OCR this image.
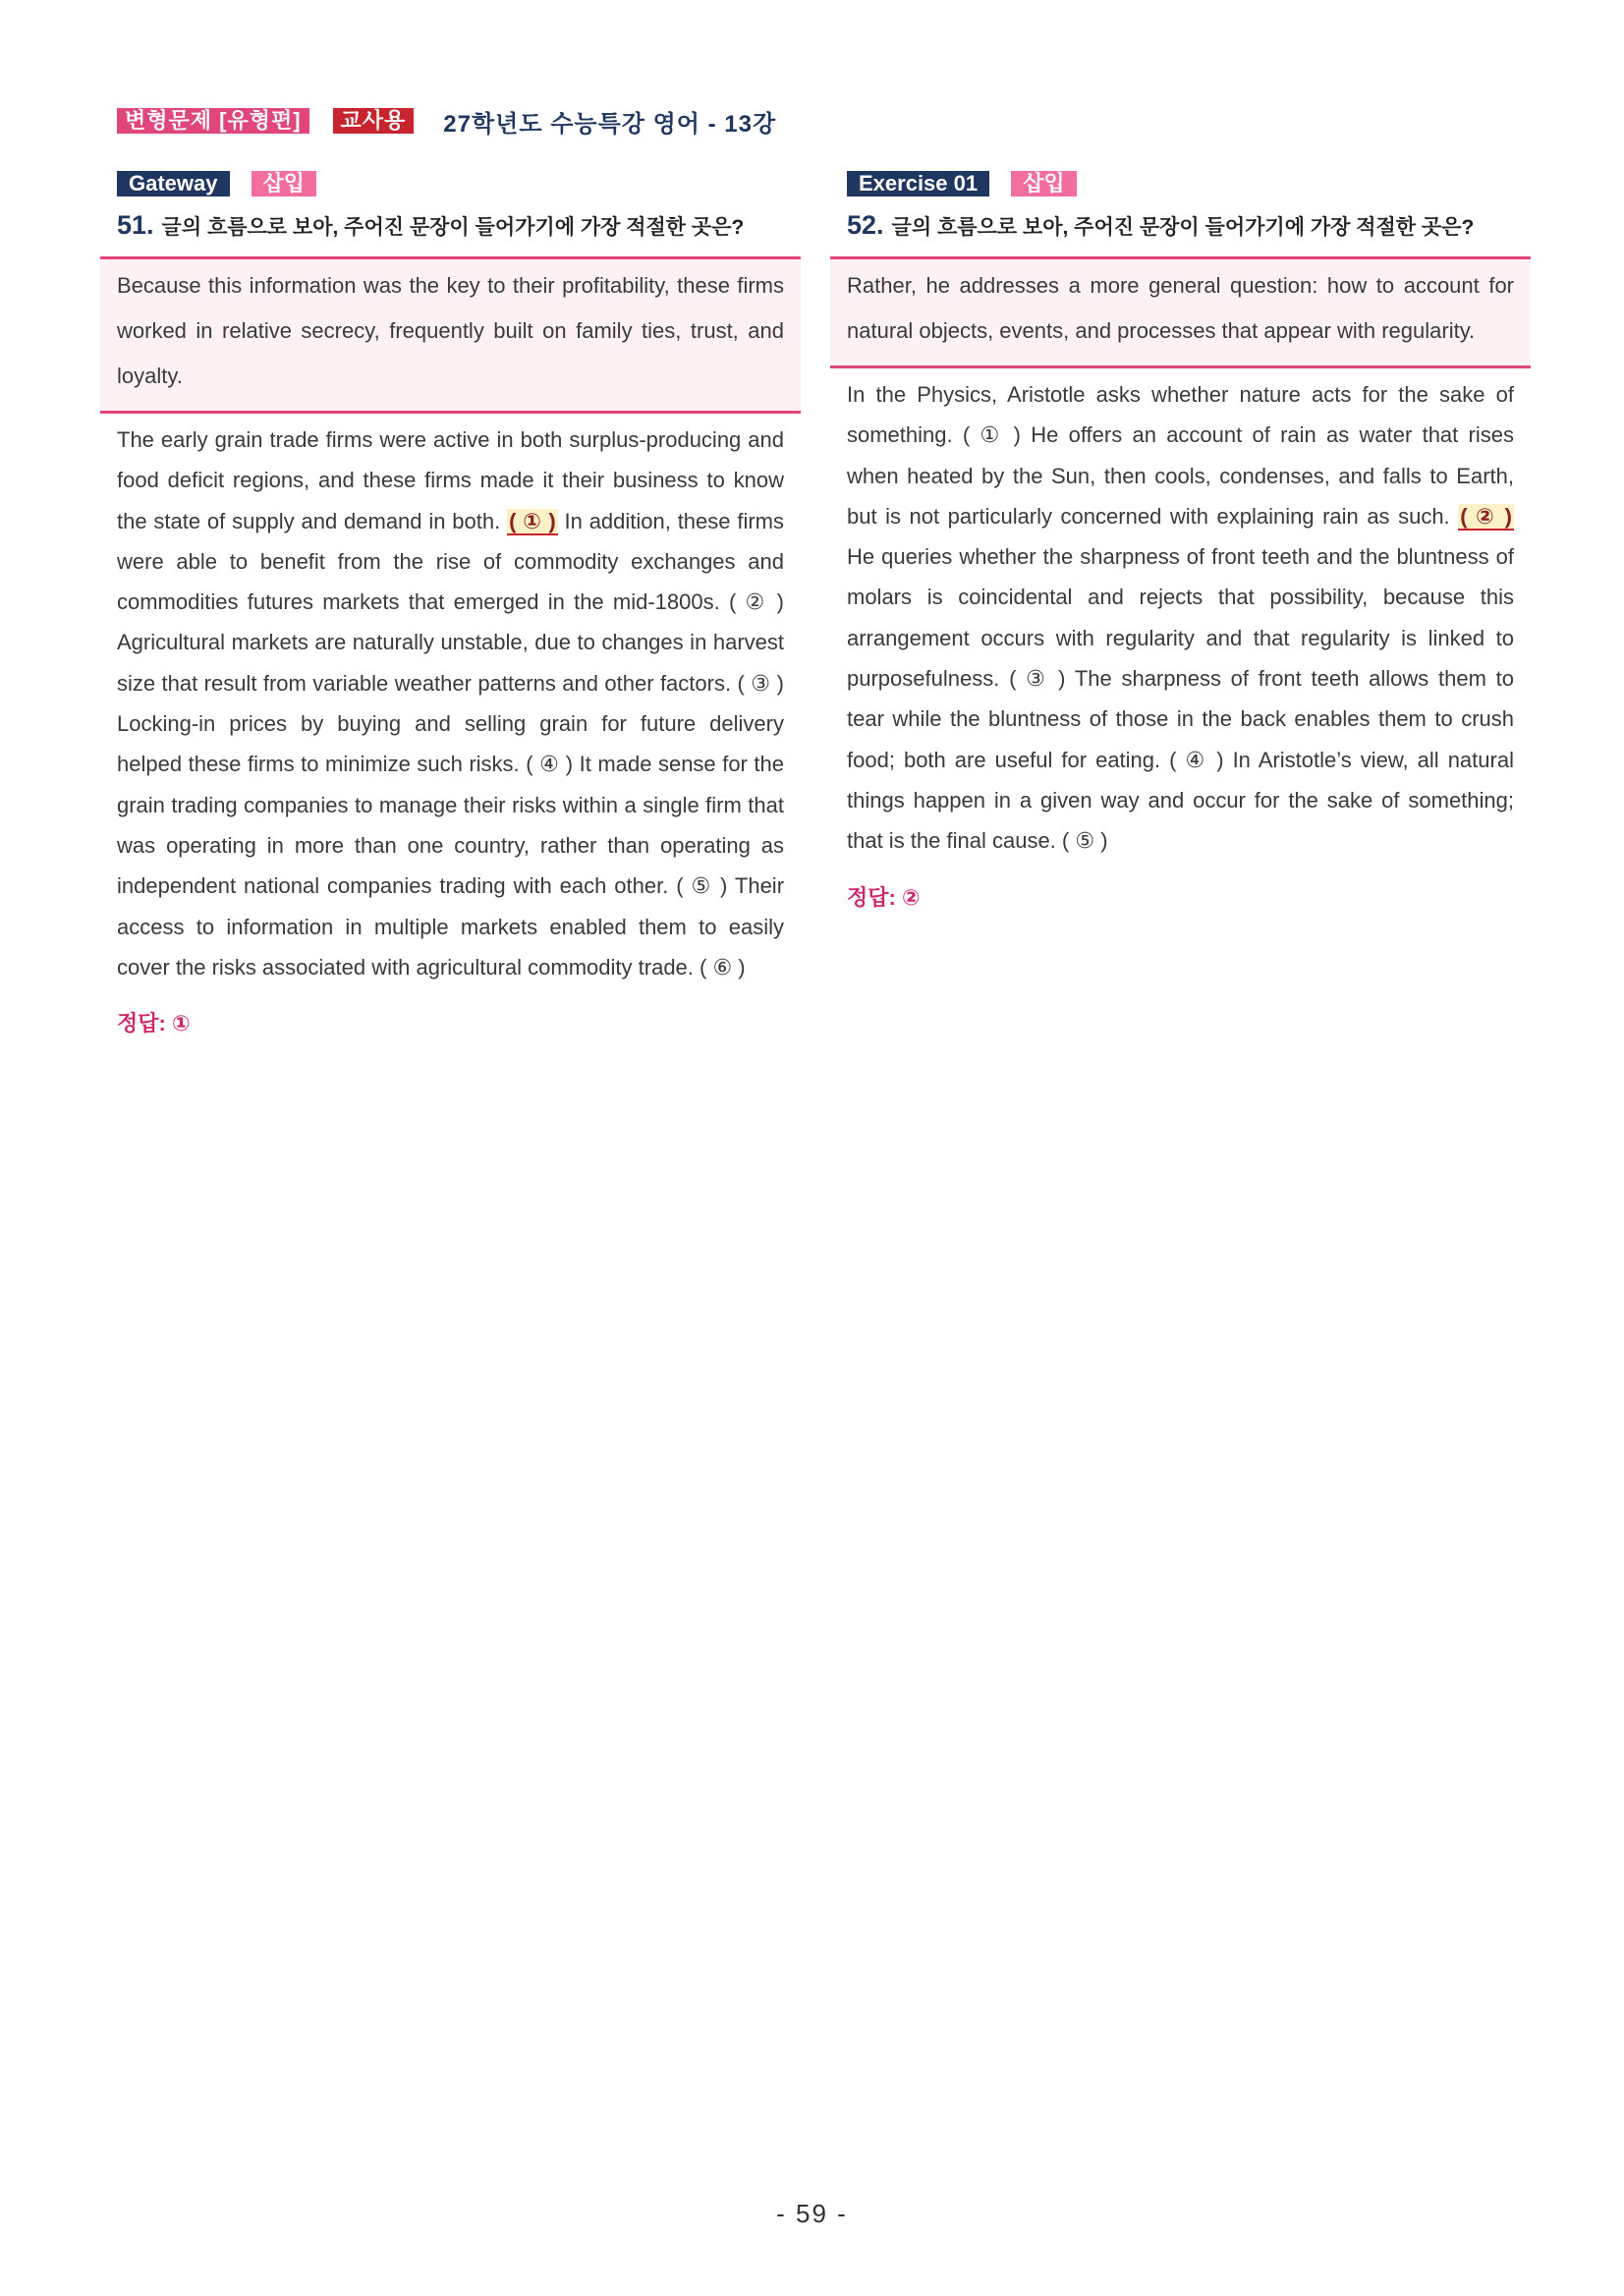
변형문제 [유형편]	교사용	27학년도 수능특강 영어 - 13강
Gateway	삽입
51. 글의 흐름으로 보아, 주어진 문장이 들어가기에 가장 적절한 곳은?
Because this information was the key to their profitability, these firms worked in relative secrecy, frequently built on family ties, trust, and loyalty.
The early grain trade firms were active in both surplus-producing and food deficit regions, and these firms made it their business to know the state of supply and demand in both. ( ① ) In addition, these firms were able to benefit from the rise of commodity exchanges and commodities futures markets that emerged in the mid-1800s. ( ② ) Agricultural markets are naturally unstable, due to changes in harvest size that result from variable weather patterns and other factors. ( ③ ) Locking-in prices by buying and selling grain for future delivery helped these firms to minimize such risks. ( ④ ) It made sense for the grain trading companies to manage their risks within a single firm that was operating in more than one country, rather than operating as independent national companies trading with each other. ( ⑤ ) Their access to information in multiple markets enabled them to easily cover the risks associated with agricultural commodity trade. ( ⑥ )
정답: ①
Exercise 01	삽입
52. 글의 흐름으로 보아, 주어진 문장이 들어가기에 가장 적절한 곳은?
Rather, he addresses a more general question: how to account for natural objects, events, and processes that appear with regularity.
In the Physics, Aristotle asks whether nature acts for the sake of something. ( ① ) He offers an account of rain as water that rises when heated by the Sun, then cools, condenses, and falls to Earth, but is not particularly concerned with explaining rain as such. ( ② ) He queries whether the sharpness of front teeth and the bluntness of molars is coincidental and rejects that possibility, because this arrangement occurs with regularity and that regularity is linked to purposefulness. ( ③ ) The sharpness of front teeth allows them to tear while the bluntness of those in the back enables them to crush food; both are useful for eating. ( ④ ) In Aristotle’s view, all natural things happen in a given way and occur for the sake of something; that is the final cause. ( ⑤ )
정답: ②
- 59 -
